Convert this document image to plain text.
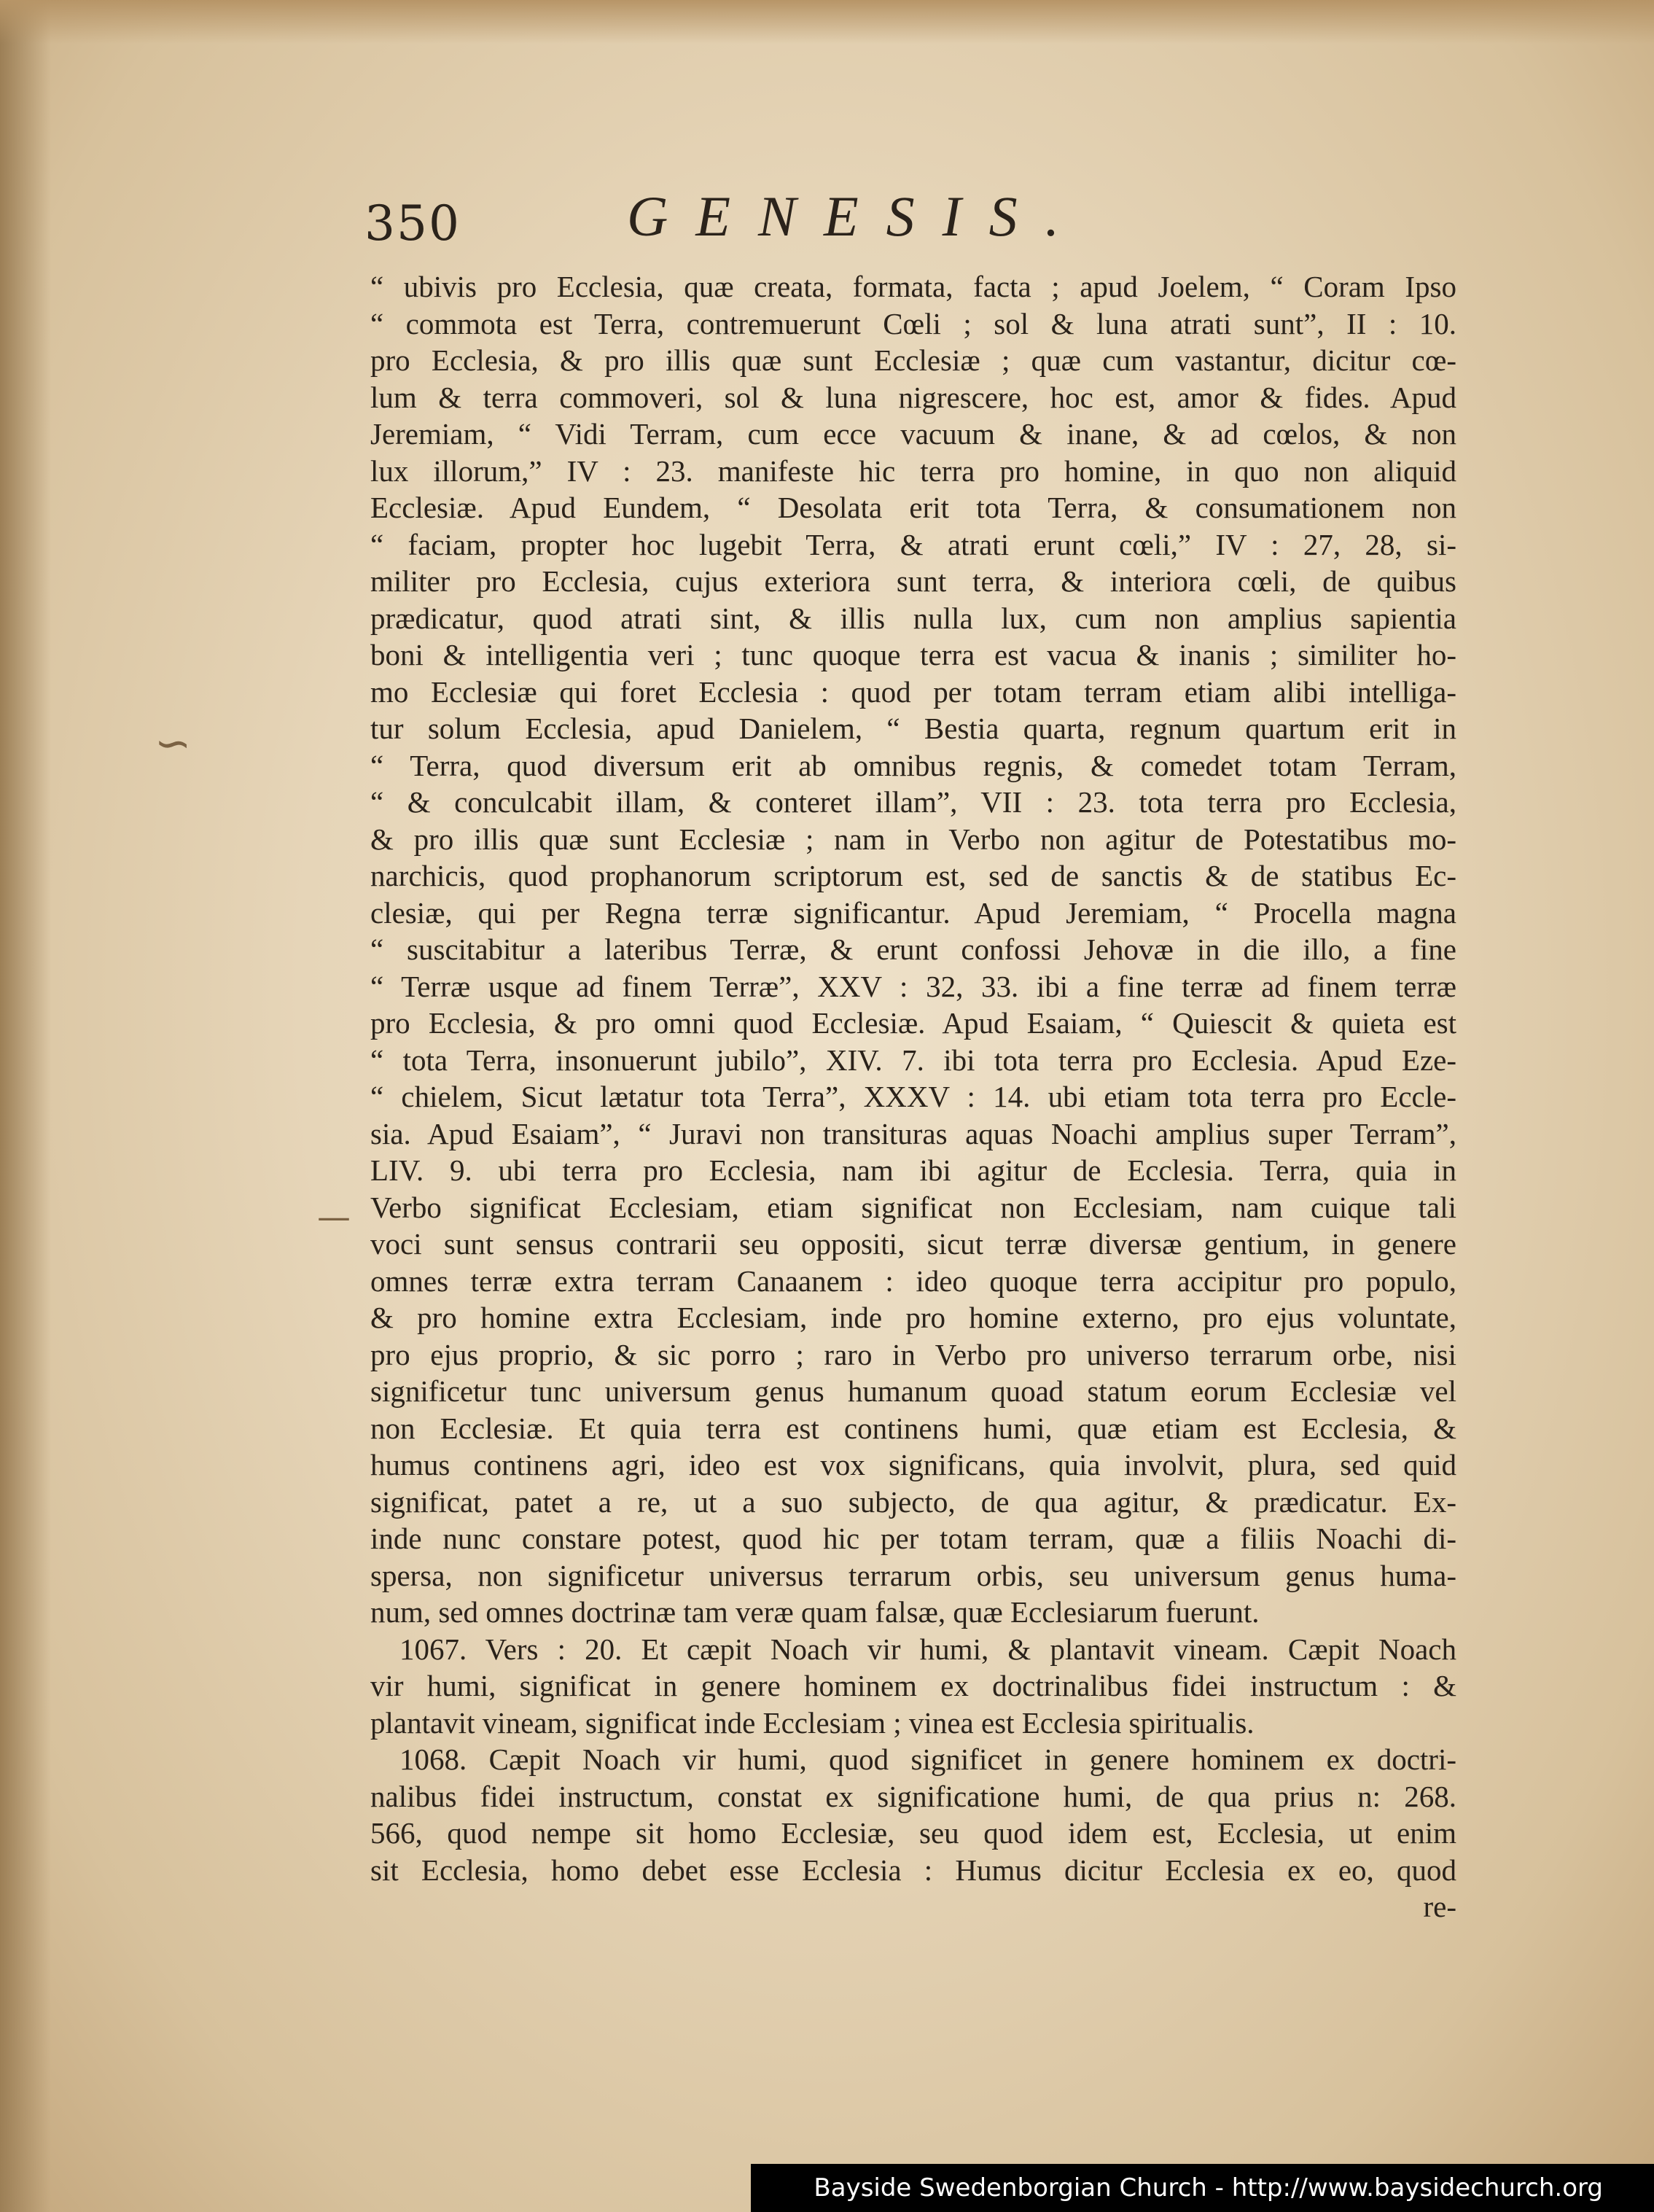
350	GENESIS.
“ ubivis pro Ecclesia, quæ creata, formata, facta ; apud Joelem, “ Coram Ipso
“ commota est Terra, contremuerunt Cœli ; sol & luna atrati sunt”, II : 10.
pro Ecclesia, & pro illis quæ sunt Ecclesiæ ; quæ cum vastantur, dicitur cœ-
lum & terra commoveri, sol & luna nigrescere, hoc est, amor & fides. Apud
Jeremiam, “ Vidi Terram, cum ecce vacuum & inane, & ad cœlos, & non
lux illorum,” IV : 23. manifeste hic terra pro homine, in quo non aliquid
Ecclesiæ. Apud Eundem, “ Desolata erit tota Terra, & consumationem non
“ faciam, propter hoc lugebit Terra, & atrati erunt cœli,” IV : 27, 28, si-
militer pro Ecclesia, cujus exteriora sunt terra, & interiora cœli, de quibus
prædicatur, quod atrati sint, & illis nulla lux, cum non amplius sapientia
boni & intelligentia veri ; tunc quoque terra est vacua & inanis ; similiter ho-
mo Ecclesiæ qui foret Ecclesia : quod per totam terram etiam alibi intelliga-
tur solum Ecclesia, apud Danielem, “ Bestia quarta, regnum quartum erit in
“ Terra, quod diversum erit ab omnibus regnis, & comedet totam Terram,
“ & conculcabit illam, & conteret illam”, VII : 23. tota terra pro Ecclesia,
& pro illis quæ sunt Ecclesiæ ; nam in Verbo non agitur de Potestatibus mo-
narchicis, quod prophanorum scriptorum est, sed de sanctis & de statibus Ec-
clesiæ, qui per Regna terræ significantur. Apud Jeremiam, “ Procella magna
“ suscitabitur a lateribus Terræ, & erunt confossi Jehovæ in die illo, a fine
“ Terræ usque ad finem Terræ”, XXV : 32, 33. ibi a fine terræ ad finem terræ
pro Ecclesia, & pro omni quod Ecclesiæ. Apud Esaiam, “ Quiescit & quieta est
“ tota Terra, insonuerunt jubilo”, XIV. 7. ibi tota terra pro Ecclesia. Apud Eze-
“ chielem, Sicut lætatur tota Terra”, XXXV : 14. ubi etiam tota terra pro Eccle-
sia. Apud Esaiam”, “ Juravi non transituras aquas Noachi amplius super Terram”,
LIV. 9. ubi terra pro Ecclesia, nam ibi agitur de Ecclesia. Terra, quia in
Verbo significat Ecclesiam, etiam significat non Ecclesiam, nam cuique tali
voci sunt sensus contrarii seu oppositi, sicut terræ diversæ gentium, in genere
omnes terræ extra terram Canaanem : ideo quoque terra accipitur pro populo,
& pro homine extra Ecclesiam, inde pro homine externo, pro ejus voluntate,
pro ejus proprio, & sic porro ; raro in Verbo pro universo terrarum orbe, nisi
significetur tunc universum genus humanum quoad statum eorum Ecclesiæ vel
non Ecclesiæ. Et quia terra est continens humi, quæ etiam est Ecclesia, &
humus continens agri, ideo est vox significans, quia involvit, plura, sed quid
significat, patet a re, ut a suo subjecto, de qua agitur, & prædicatur. Ex-
inde nunc constare potest, quod hic per totam terram, quæ a filiis Noachi di-
spersa, non significetur universus terrarum orbis, seu universum genus huma-
num, sed omnes doctrinæ tam veræ quam falsæ, quæ Ecclesiarum fuerunt.
1067. Vers : 20. Et cæpit Noach vir humi, & plantavit vineam. Cæpit Noach
vir humi, significat in genere hominem ex doctrinalibus fidei instructum : &
plantavit vineam, significat inde Ecclesiam ; vinea est Ecclesia spiritualis.
1068. Cæpit Noach vir humi, quod significet in genere hominem ex doctri-
nalibus fidei instructum, constat ex significatione humi, de qua prius n: 268.
566, quod nempe sit homo Ecclesiæ, seu quod idem est, Ecclesia, ut enim
sit Ecclesia, homo debet esse Ecclesia : Humus dicitur Ecclesia ex eo, quod
re-
∽
—
Bayside Swedenborgian Church - http://www.baysidechurch.org
